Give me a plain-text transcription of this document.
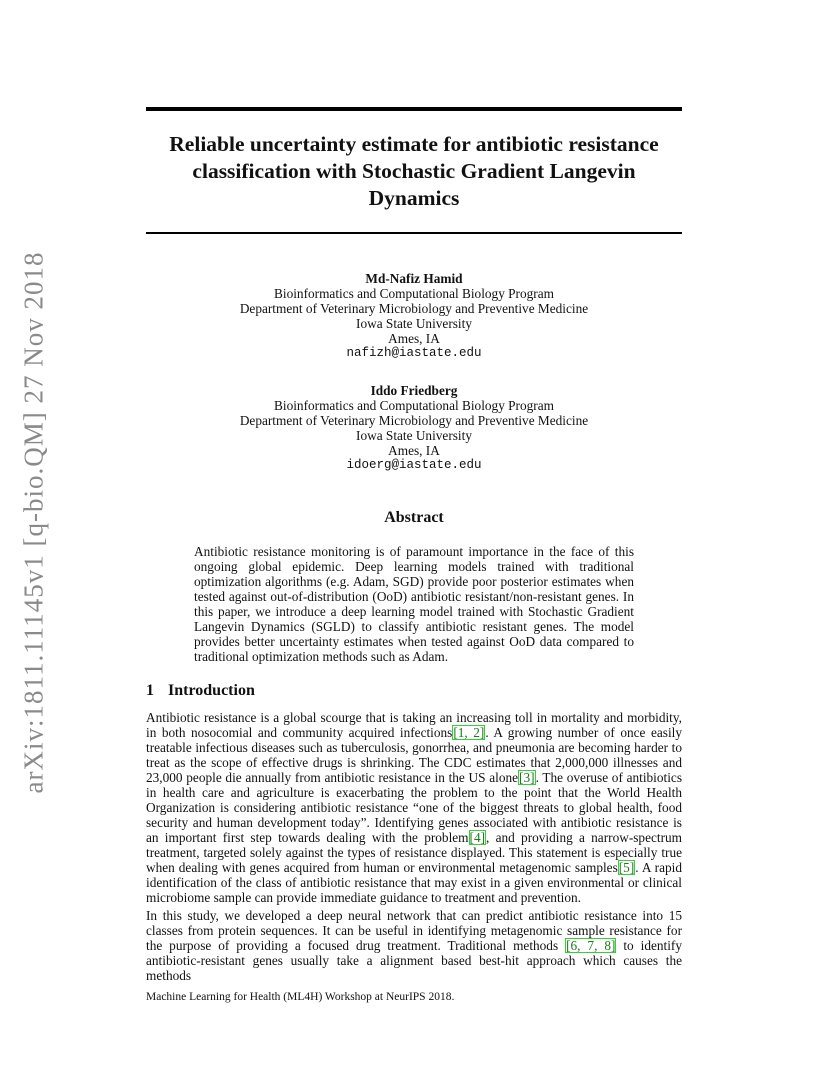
arXiv:1811.11145v1 [q-bio.QM] 27 Nov 2018
Reliable uncertainty estimate for antibiotic resistance classification with Stochastic Gradient Langevin Dynamics
Md-Nafiz Hamid
Bioinformatics and Computational Biology Program
Department of Veterinary Microbiology and Preventive Medicine
Iowa State University
Ames, IA
nafizh@iastate.edu
Iddo Friedberg
Bioinformatics and Computational Biology Program
Department of Veterinary Microbiology and Preventive Medicine
Iowa State University
Ames, IA
idoerg@iastate.edu
Abstract
Antibiotic resistance monitoring is of paramount importance in the face of this ongoing global epidemic. Deep learning models trained with traditional optimization algorithms (e.g. Adam, SGD) provide poor posterior estimates when tested against out-of-distribution (OoD) antibiotic resistant/non-resistant genes. In this paper, we introduce a deep learning model trained with Stochastic Gradient Langevin Dynamics (SGLD) to classify antibiotic resistant genes. The model provides better uncertainty estimates when tested against OoD data compared to traditional optimization methods such as Adam.
1 Introduction
Antibiotic resistance is a global scourge that is taking an increasing toll in mortality and morbidity, in both nosocomial and community acquired infections[1, 2]. A growing number of once easily treatable infectious diseases such as tuberculosis, gonorrhea, and pneumonia are becoming harder to treat as the scope of effective drugs is shrinking. The CDC estimates that 2,000,000 illnesses and 23,000 people die annually from antibiotic resistance in the US alone[3]. The overuse of antibiotics in health care and agriculture is exacerbating the problem to the point that the World Health Organization is considering antibiotic resistance “one of the biggest threats to global health, food security and human development today”. Identifying genes associated with antibiotic resistance is an important first step towards dealing with the problem[4], and providing a narrow-spectrum treatment, targeted solely against the types of resistance displayed. This statement is especially true when dealing with genes acquired from human or environmental metagenomic samples[5]. A rapid identification of the class of antibiotic resistance that may exist in a given environmental or clinical microbiome sample can provide immediate guidance to treatment and prevention.
In this study, we developed a deep neural network that can predict antibiotic resistance into 15 classes from protein sequences. It can be useful in identifying metagenomic sample resistance for the purpose of providing a focused drug treatment. Traditional methods [6, 7, 8] to identify antibiotic-resistant genes usually take a alignment based best-hit approach which causes the methods
Machine Learning for Health (ML4H) Workshop at NeurIPS 2018.
